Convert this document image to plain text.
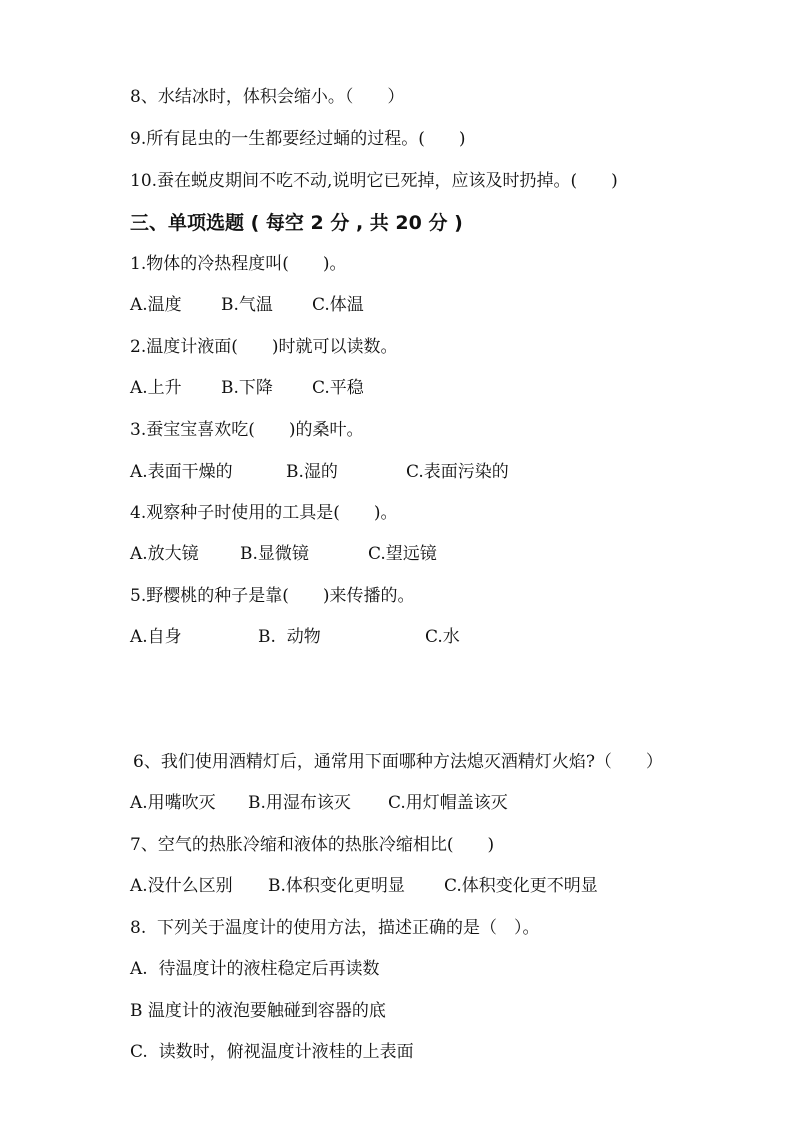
8、水结冰时，体积会缩小。（　　）
9.所有昆虫的一生都要经过蛹的过程。(　　)
10.蚕在蜕皮期间不吃不动,说明它已死掉，应该及时扔掉。(　　)
三、单项选题 ( 每空 2 分 , 共 20 分 )
1.物体的冷热程度叫(　　)。
A.温度 B.气温 C.体温
2.温度计液面(　　)时就可以读数。
A.上升 B.下降 C.平稳
3.蚕宝宝喜欢吃(　　)的桑叶。
A.表面干燥的	B.湿的	C.表面污染的
4.观察种子时使用的工具是(　　)。
A.放大镜 B.显微镜	C.望远镜
5.野樱桃的种子是靠(　　)来传播的。
A.自身	B.  动物	C.水
6、我们使用酒精灯后，通常用下面哪种方法熄灭酒精灯火焰?（　　）
A.用嘴吹灭 B.用湿布该灭 C.用灯帽盖该灭
7、空气的热胀冷缩和液体的热胀冷缩相比(　　)
A.没什么区别 B.体积变化更明显 C.体积变化更不明显
8.  下列关于温度计的使用方法，描述正确的是（　）。
A.  待温度计的液柱稳定后再读数
B 温度计的液泡要触碰到容器的底
C.  读数时，俯视温度计液桂的上表面
